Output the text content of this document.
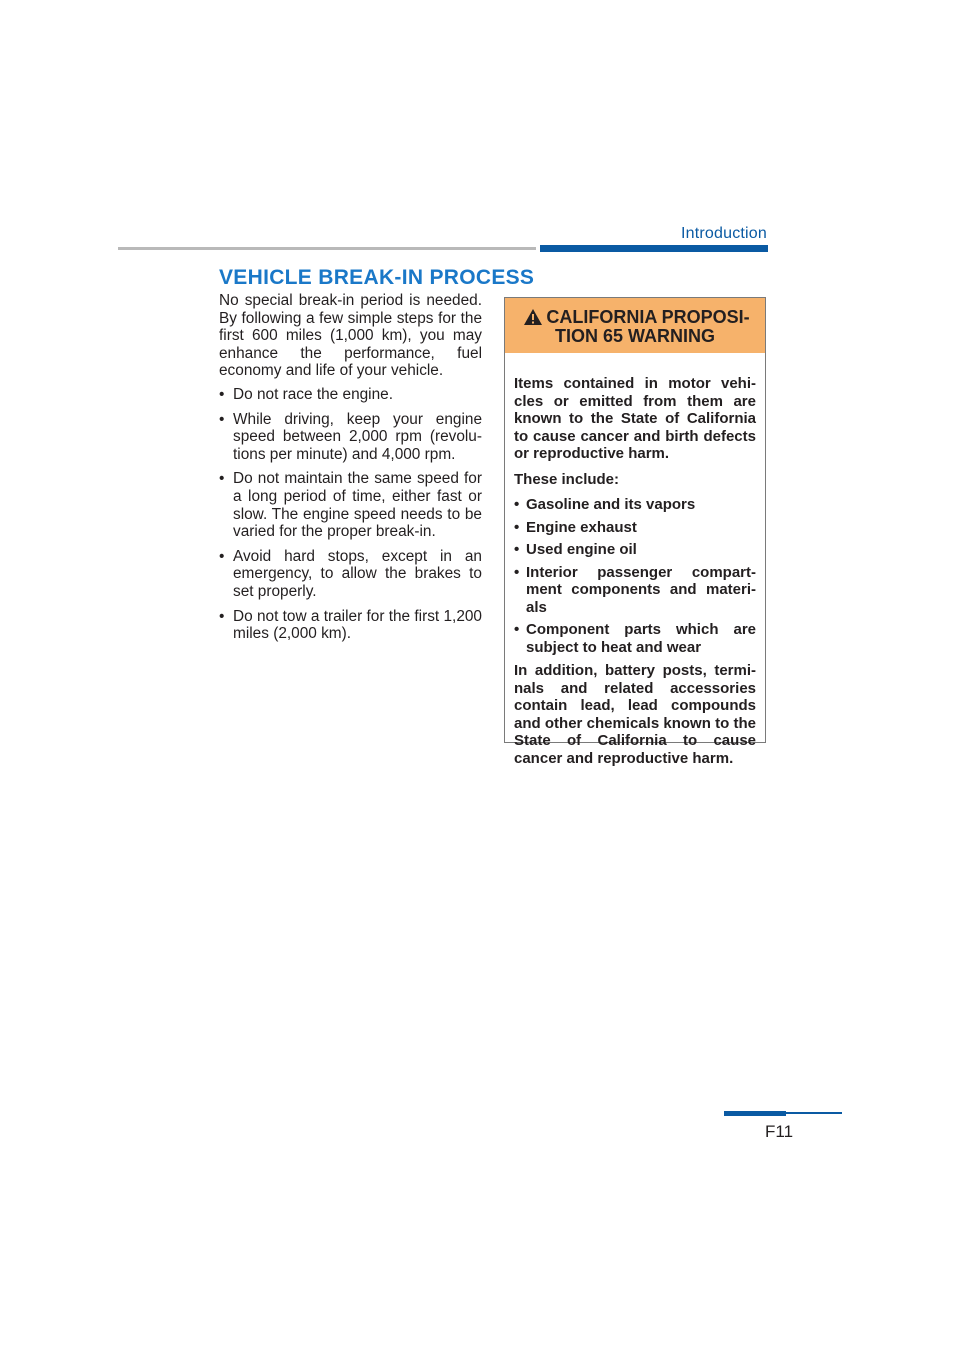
Introduction
VEHICLE BREAK-IN PROCESS

No special break-in period is needed. By following a few simple steps for the first 600 miles (1,000 km), you may enhance the performance, fuel economy and life of your vehicle.

• Do not race the engine.
• While driving, keep your engine speed between 2,000 rpm (revolu-tions per minute) and 4,000 rpm.
• Do not maintain the same speed for a long period of time, either fast or slow. The engine speed needs to be varied for the proper break-in.
• Avoid hard stops, except in an emergency, to allow the brakes to set properly.
• Do not tow a trailer for the first 1,200 miles (2,000 km).
CALIFORNIA PROPOSI-
TION 65 WARNING

Items contained in motor vehi-cles or emitted from them are known to the State of California to cause cancer and birth defects or reproductive harm.

These include:

• Gasoline and its vapors
• Engine exhaust
• Used engine oil
• Interior passenger compart-ment components and materi-als
• Component parts which are subject to heat and wear

In addition, battery posts, termi-nals and related accessories contain lead, lead compounds and other chemicals known to the State of California to cause cancer and reproductive harm.

F11
